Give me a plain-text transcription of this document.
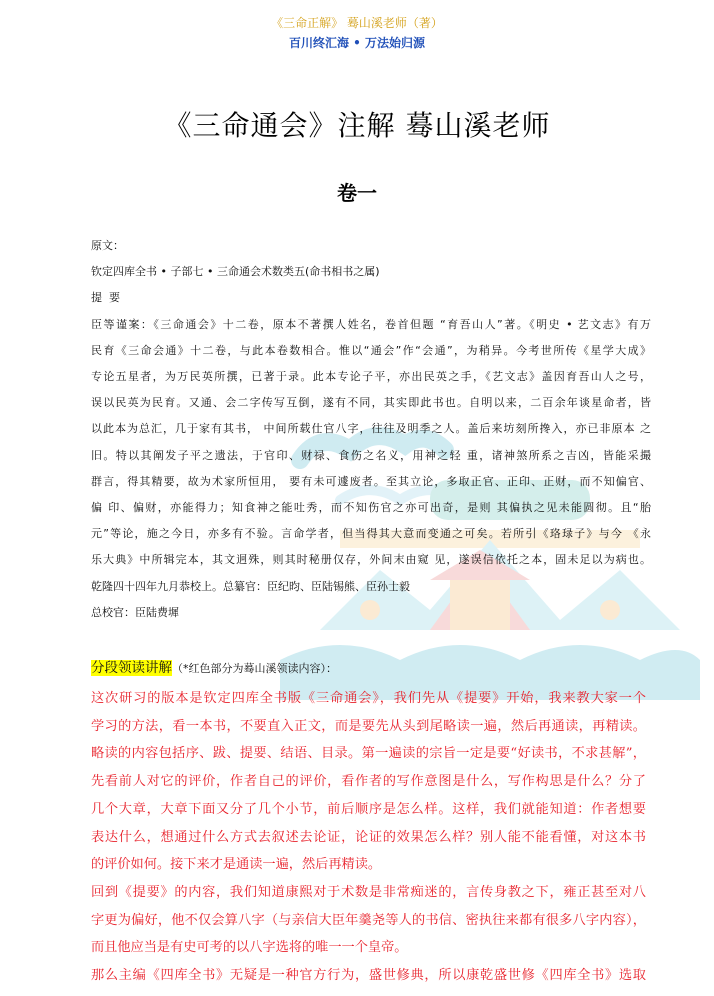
《三命正解》 蓦山溪老师（著）
百川终汇海 • 万法始归源
《三命通会》注解 蓦山溪老师
卷一

原文：

钦定四库全书 • 子部七 • 三命通会术数类五(命书相书之属)

提  要

臣等谨案：《三命通会》十二卷，原本不著撰人姓名，卷首但题 “育吾山人”著。《明史 • 艺文志》有万

民育《三命会通》十二卷，与此本卷数相合。惟以“通会”作“会通”，为稍异。今考世所传《星学大成》

专论五星者，为万民英所撰，已著于录。此本专论子平，亦出民英之手，《艺文志》盖因育吾山人之号，

误以民英为民育。又通、会二字传写互倒，遂有不同，其实即此书也。自明以来，二百余年谈星命者，皆

以此本为总汇，几于家有其书， 中间所载仕官八字，往往及明季之人。盖后来坊刻所搀入，亦已非原本 之

旧。特以其阐发子平之遗法，于官印、财禄、食伤之名义，用神之轻 重，诸神煞所系之吉凶，皆能采撮

群言，得其精要，故为术家所恒用， 要有未可遽废者。至其立论，多取正官、正印、正财，而不知偏官、

偏 印、偏财，亦能得力；知食神之能吐秀，而不知伤官之亦可出奇，是则 其偏执之见未能圆彻。且“胎

元”等论，施之今日，亦多有不验。言命学者，但当得其大意而变通之可矣。若所引《珞琭子》与今 《永

乐大典》中所辑完本，其文迥殊，则其时秘册仅存，外间末由窥 见，遂误信依托之本，固未足以为病也。

乾隆四十四年九月恭校上。总纂官：臣纪昀、臣陆锡熊、臣孙士毅

总校官：臣陆费墀

分段领读讲解（*红色部分为蓦山溪领读内容）：

这次研习的版本是钦定四库全书版《三命通会》，我们先从《提要》开始，我来教大家一个

学习的方法，看一本书，不要直入正文，而是要先从头到尾略读一遍，然后再通读，再精读。

略读的内容包括序、跋、提要、结语、目录。第一遍读的宗旨一定是要“好读书，不求甚解”，

先看前人对它的评价，作者自己的评价，看作者的写作意图是什么，写作构思是什么？分了

几个大章，大章下面又分了几个小节，前后顺序是怎么样。这样，我们就能知道：作者想要

表达什么，想通过什么方式去叙述去论证，论证的效果怎么样？别人能不能看懂，对这本书

的评价如何。接下来才是通读一遍，然后再精读。

回到《提要》的内容，我们知道康熙对于术数是非常痴迷的，言传身教之下，雍正甚至对八

字更为偏好，他不仅会算八字（与亲信大臣年羹尧等人的书信、密执往来都有很多八字内容），

而且他应当是有史可考的以八字选将的唯一一个皇帝。

那么主编《四库全书》无疑是一种官方行为，盛世修典，所以康乾盛世修《四库全书》选取
